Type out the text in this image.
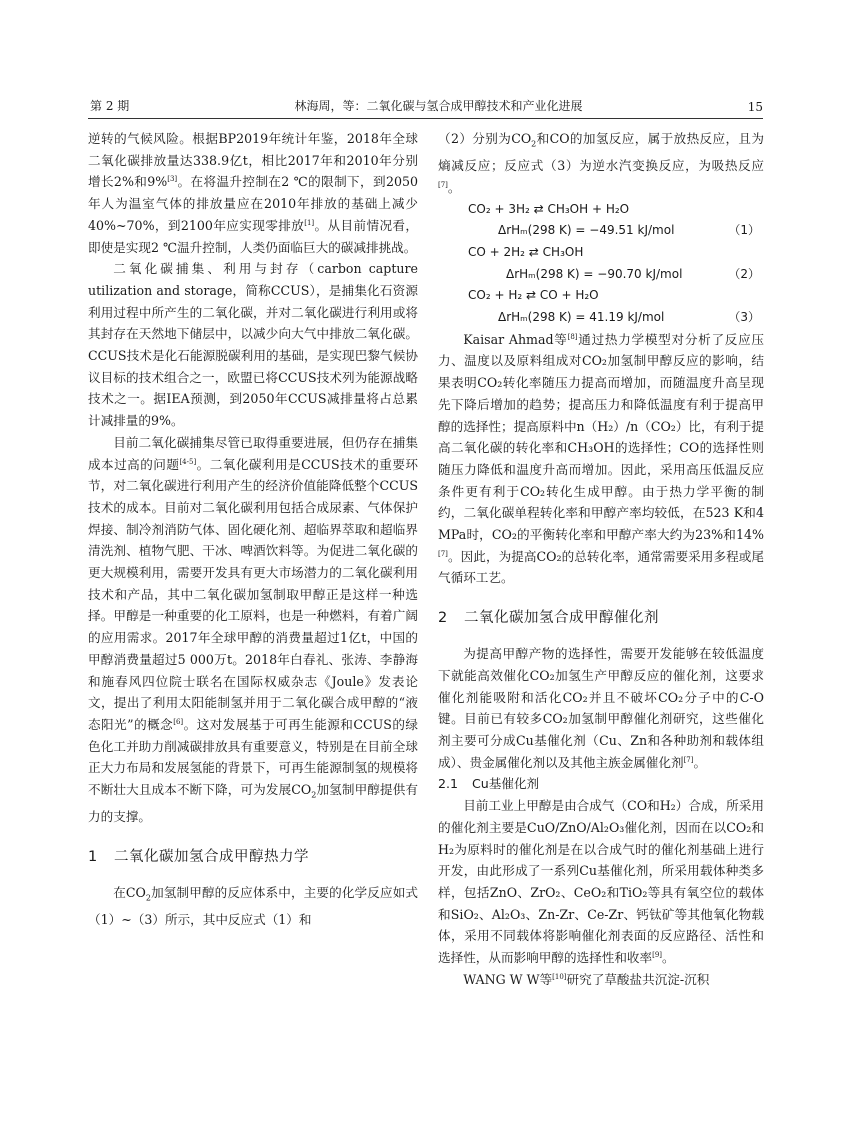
第 2 期	林海周，等：二氧化碳与氢合成甲醇技术和产业化进展	15

逆转的气候风险。根据BP2019年统计年鉴，2018年全球二氧化碳排放量达338.9亿t，相比2017年和2010年分别增长2%和9%[3]。在将温升控制在2 ℃的限制下，到2050年人为温室气体的排放量应在2010年排放的基础上减少40%~70%，到2100年应实现零排放[1]。从目前情况看，即使是实现2 ℃温升控制，人类仍面临巨大的碳减排挑战。

二氧化碳捕集、利用与封存（carbon capture utilization and storage，简称CCUS），是捕集化石资源利用过程中所产生的二氧化碳，并对二氧化碳进行利用或将其封存在天然地下储层中，以减少向大气中排放二氧化碳。CCUS技术是化石能源脱碳利用的基础，是实现巴黎气候协议目标的技术组合之一，欧盟已将CCUS技术列为能源战略技术之一。据IEA预测，到2050年CCUS减排量将占总累计减排量的9%。

目前二氧化碳捕集尽管已取得重要进展，但仍存在捕集成本过高的问题[4-5]。二氧化碳利用是CCUS技术的重要环节，对二氧化碳进行利用产生的经济价值能降低整个CCUS技术的成本。目前对二氧化碳利用包括合成尿素、气体保护焊接、制冷剂消防气体、固化硬化剂、超临界萃取和超临界清洗剂、植物气肥、干冰、啤酒饮料等。为促进二氧化碳的更大规模利用，需要开发具有更大市场潜力的二氧化碳利用技术和产品，其中二氧化碳加氢制取甲醇正是这样一种选择。甲醇是一种重要的化工原料，也是一种燃料，有着广阔的应用需求。2017年全球甲醇的消费量超过1亿t，中国的甲醇消费量超过5 000万t。2018年白春礼、张涛、李静海和施春风四位院士联名在国际权威杂志《Joule》发表论文，提出了利用太阳能制氢并用于二氧化碳合成甲醇的“液态阳光”的概念[6]。这对发展基于可再生能源和CCUS的绿色化工并助力削减碳排放具有重要意义，特别是在目前全球正大力布局和发展氢能的背景下，可再生能源制氢的规模将不断壮大且成本不断下降，可为发展$CO_2$加氢制甲醇提供有力的支撑。

1 二氧化碳加氢合成甲醇热力学

在$CO_2$加氢制甲醇的反应体系中，主要的化学反应如式（1）~（3）所示，其中反应式（1）和

（2）分别为$CO_2$和CO的加氢反应，属于放热反应，且为熵减反应；反应式（3）为逆水汽变换反应，为吸热反应[7]。

CO₂ + 3H₂ ⇄ CH₃OH + H₂O
ΔrHₘ(298 K) = −49.51 kJ/mol	（1）
CO + 2H₂ ⇄ CH₃OH
ΔrHₘ(298 K) = −90.70 kJ/mol	（2）
CO₂ + H₂ ⇄ CO + H₂O
ΔrHₘ(298 K) = 41.19 kJ/mol	（3）

Kaisar Ahmad等[8]通过热力学模型对分析了反应压力、温度以及原料组成对CO₂加氢制甲醇反应的影响，结果表明CO₂转化率随压力提高而增加，而随温度升高呈现先下降后增加的趋势；提高压力和降低温度有利于提高甲醇的选择性；提高原料中n（H₂）/n（CO₂）比，有利于提高二氧化碳的转化率和CH₃OH的选择性；CO的选择性则随压力降低和温度升高而增加。因此，采用高压低温反应条件更有利于CO₂转化生成甲醇。由于热力学平衡的制约，二氧化碳单程转化率和甲醇产率均较低，在523 K和4 MPa时，CO₂的平衡转化率和甲醇产率大约为23%和14%[7]。因此，为提高CO₂的总转化率，通常需要采用多程或尾气循环工艺。

2 二氧化碳加氢合成甲醇催化剂

为提高甲醇产物的选择性，需要开发能够在较低温度下就能高效催化CO₂加氢生产甲醇反应的催化剂，这要求催化剂能吸附和活化CO₂并且不破坏CO₂分子中的C-O键。目前已有较多CO₂加氢制甲醇催化剂研究，这些催化剂主要可分成Cu基催化剂（Cu、Zn和各种助剂和载体组成）、贵金属催化剂以及其他主族金属催化剂[7]。

2.1 Cu基催化剂

目前工业上甲醇是由合成气（CO和H₂）合成，所采用的催化剂主要是CuO/ZnO/Al₂O₃催化剂，因而在以CO₂和H₂为原料时的催化剂是在以合成气时的催化剂基础上进行开发，由此形成了一系列Cu基催化剂，所采用载体种类多样，包括ZnO、ZrO₂、CeO₂和TiO₂等具有氧空位的载体和SiO₂、Al₂O₃、Zn-Zr、Ce-Zr、钙钛矿等其他氧化物载体，采用不同载体将影响催化剂表面的反应路径、活性和选择性，从而影响甲醇的选择性和收率[9]。

WANG W W等[10]研究了草酸盐共沉淀-沉积
